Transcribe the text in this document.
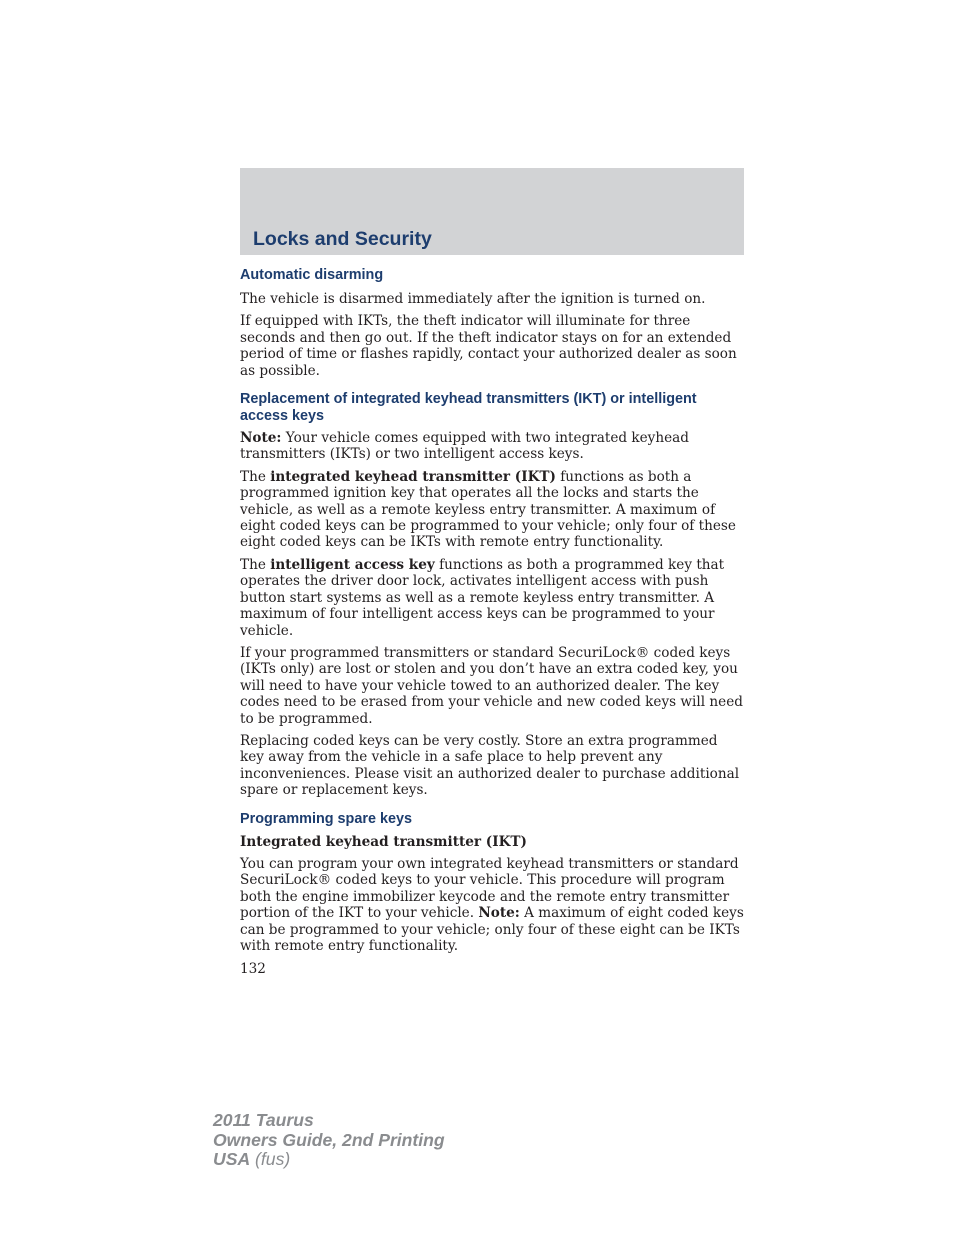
Locks and Security
Automatic disarming

The vehicle is disarmed immediately after the ignition is turned on.

If equipped with IKTs, the theft indicator will illuminate for three seconds and then go out. If the theft indicator stays on for an extended period of time or flashes rapidly, contact your authorized dealer as soon as possible.

Replacement of integrated keyhead transmitters (IKT) or intelligent access keys

Note: Your vehicle comes equipped with two integrated keyhead transmitters (IKTs) or two intelligent access keys.

The integrated keyhead transmitter (IKT) functions as both a programmed ignition key that operates all the locks and starts the vehicle, as well as a remote keyless entry transmitter. A maximum of eight coded keys can be programmed to your vehicle; only four of these eight coded keys can be IKTs with remote entry functionality.

The intelligent access key functions as both a programmed key that operates the driver door lock, activates intelligent access with push button start systems as well as a remote keyless entry transmitter. A maximum of four intelligent access keys can be programmed to your vehicle.

If your programmed transmitters or standard SecuriLock® coded keys (IKTs only) are lost or stolen and you don’t have an extra coded key, you will need to have your vehicle towed to an authorized dealer. The key codes need to be erased from your vehicle and new coded keys will need to be programmed.

Replacing coded keys can be very costly. Store an extra programmed key away from the vehicle in a safe place to help prevent any inconveniences. Please visit an authorized dealer to purchase additional spare or replacement keys.

Programming spare keys
Integrated keyhead transmitter (IKT)

You can program your own integrated keyhead transmitters or standard SecuriLock® coded keys to your vehicle. This procedure will program both the engine immobilizer keycode and the remote entry transmitter portion of the IKT to your vehicle. Note: A maximum of eight coded keys can be programmed to your vehicle; only four of these eight can be IKTs with remote entry functionality.

132
2011 Taurus
Owners Guide, 2nd Printing
USA (fus)
